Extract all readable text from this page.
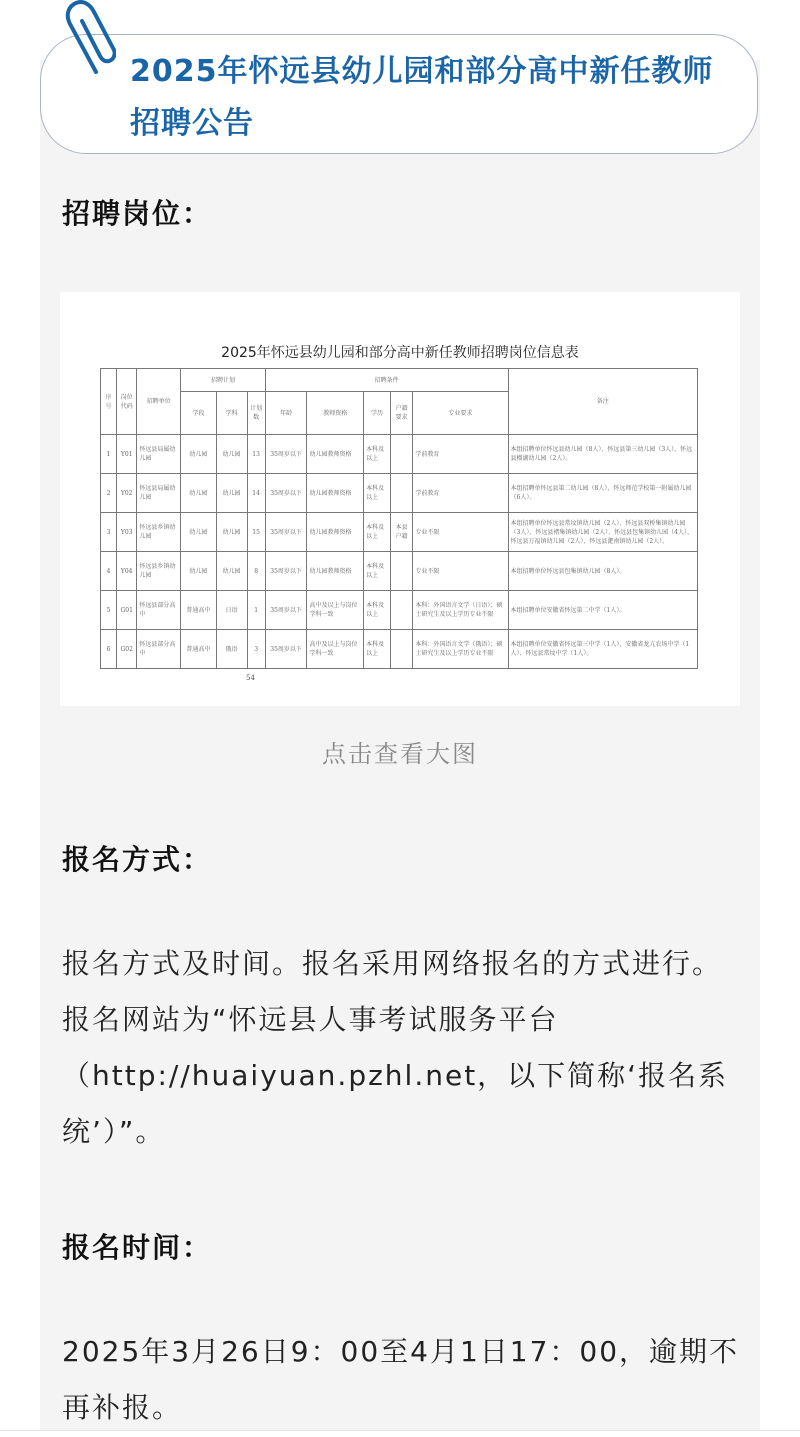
2025年怀远县幼儿园和部分高中新任教师招聘公告
招聘岗位：
2025年怀远县幼儿园和部分高中新任教师招聘岗位信息表
序号	岗位代码	招聘单位	招聘计划			招聘条件					备注
			学段	学科	计划数	年龄	教师资格	学历	户籍要求	专业要求	
1	Y01	怀远县局属幼儿园	幼儿园	幼儿园	13	35周岁以下	幼儿园教师资格	本科及以上		学前教育	本组招聘单位怀远县幼儿园（8人）、怀远县第三幼儿园（3人）、怀远县榴湖幼儿园（2人）。
2	Y02	怀远县局属幼儿园	幼儿园	幼儿园	14	35周岁以下	幼儿园教师资格	本科及以上		学前教育	本组招聘单怀远县第二幼儿园（8人）、怀远师范学校第一附属幼儿园（6人）。
3	Y03	怀远县乡镇幼儿园	幼儿园	幼儿园	15	35周岁以下	幼儿园教师资格	本科及以上	本县户籍	专业不限	本组招聘单位怀远县常坟镇幼儿园（2人）、怀远县双桥集镇幼儿园（3人）、怀远县褚集镇幼儿园（2人）、怀远县包集镇幼儿园（4人）、怀远县万福镇幼儿园（2人）、怀远县淝南镇幼儿园（2人）。
4	Y04	怀远县乡镇幼儿园	幼儿园	幼儿园	8	35周岁以下	幼儿园教师资格	本科及以上		专业不限	本组招聘单位怀远县包集镇幼儿园（8人）。
5	G01	怀远县部分高中	普通高中	日语	1	35周岁以下	高中及以上与岗位学科一致	本科及以上		本科：外国语言文学（日语）；硕士研究生及以上学历专业不限	本组招聘单位安徽省怀远第二中学（1人）。
6	G02	怀远县部分高中	普通高中	俄语	3	35周岁以下	高中及以上与岗位学科一致	本科及以上		本科：外国语言文学（俄语）；硕士研究生及以上学历专业不限	本组招聘单位安徽省怀远第三中学（1人）、安徽省龙亢农场中学（1人）、怀远县常坟中学（1人）。
54
点击查看大图
报名方式：
报名方式及时间。报名采用网络报名的方式进行。报名网站为“怀远县人事考试服务平台（http://huaiyuan.pzhl.net，以下简称‘报名系统’）”。
报名时间：
2025年3月26日9：00至4月1日17：00，逾期不再补报。
